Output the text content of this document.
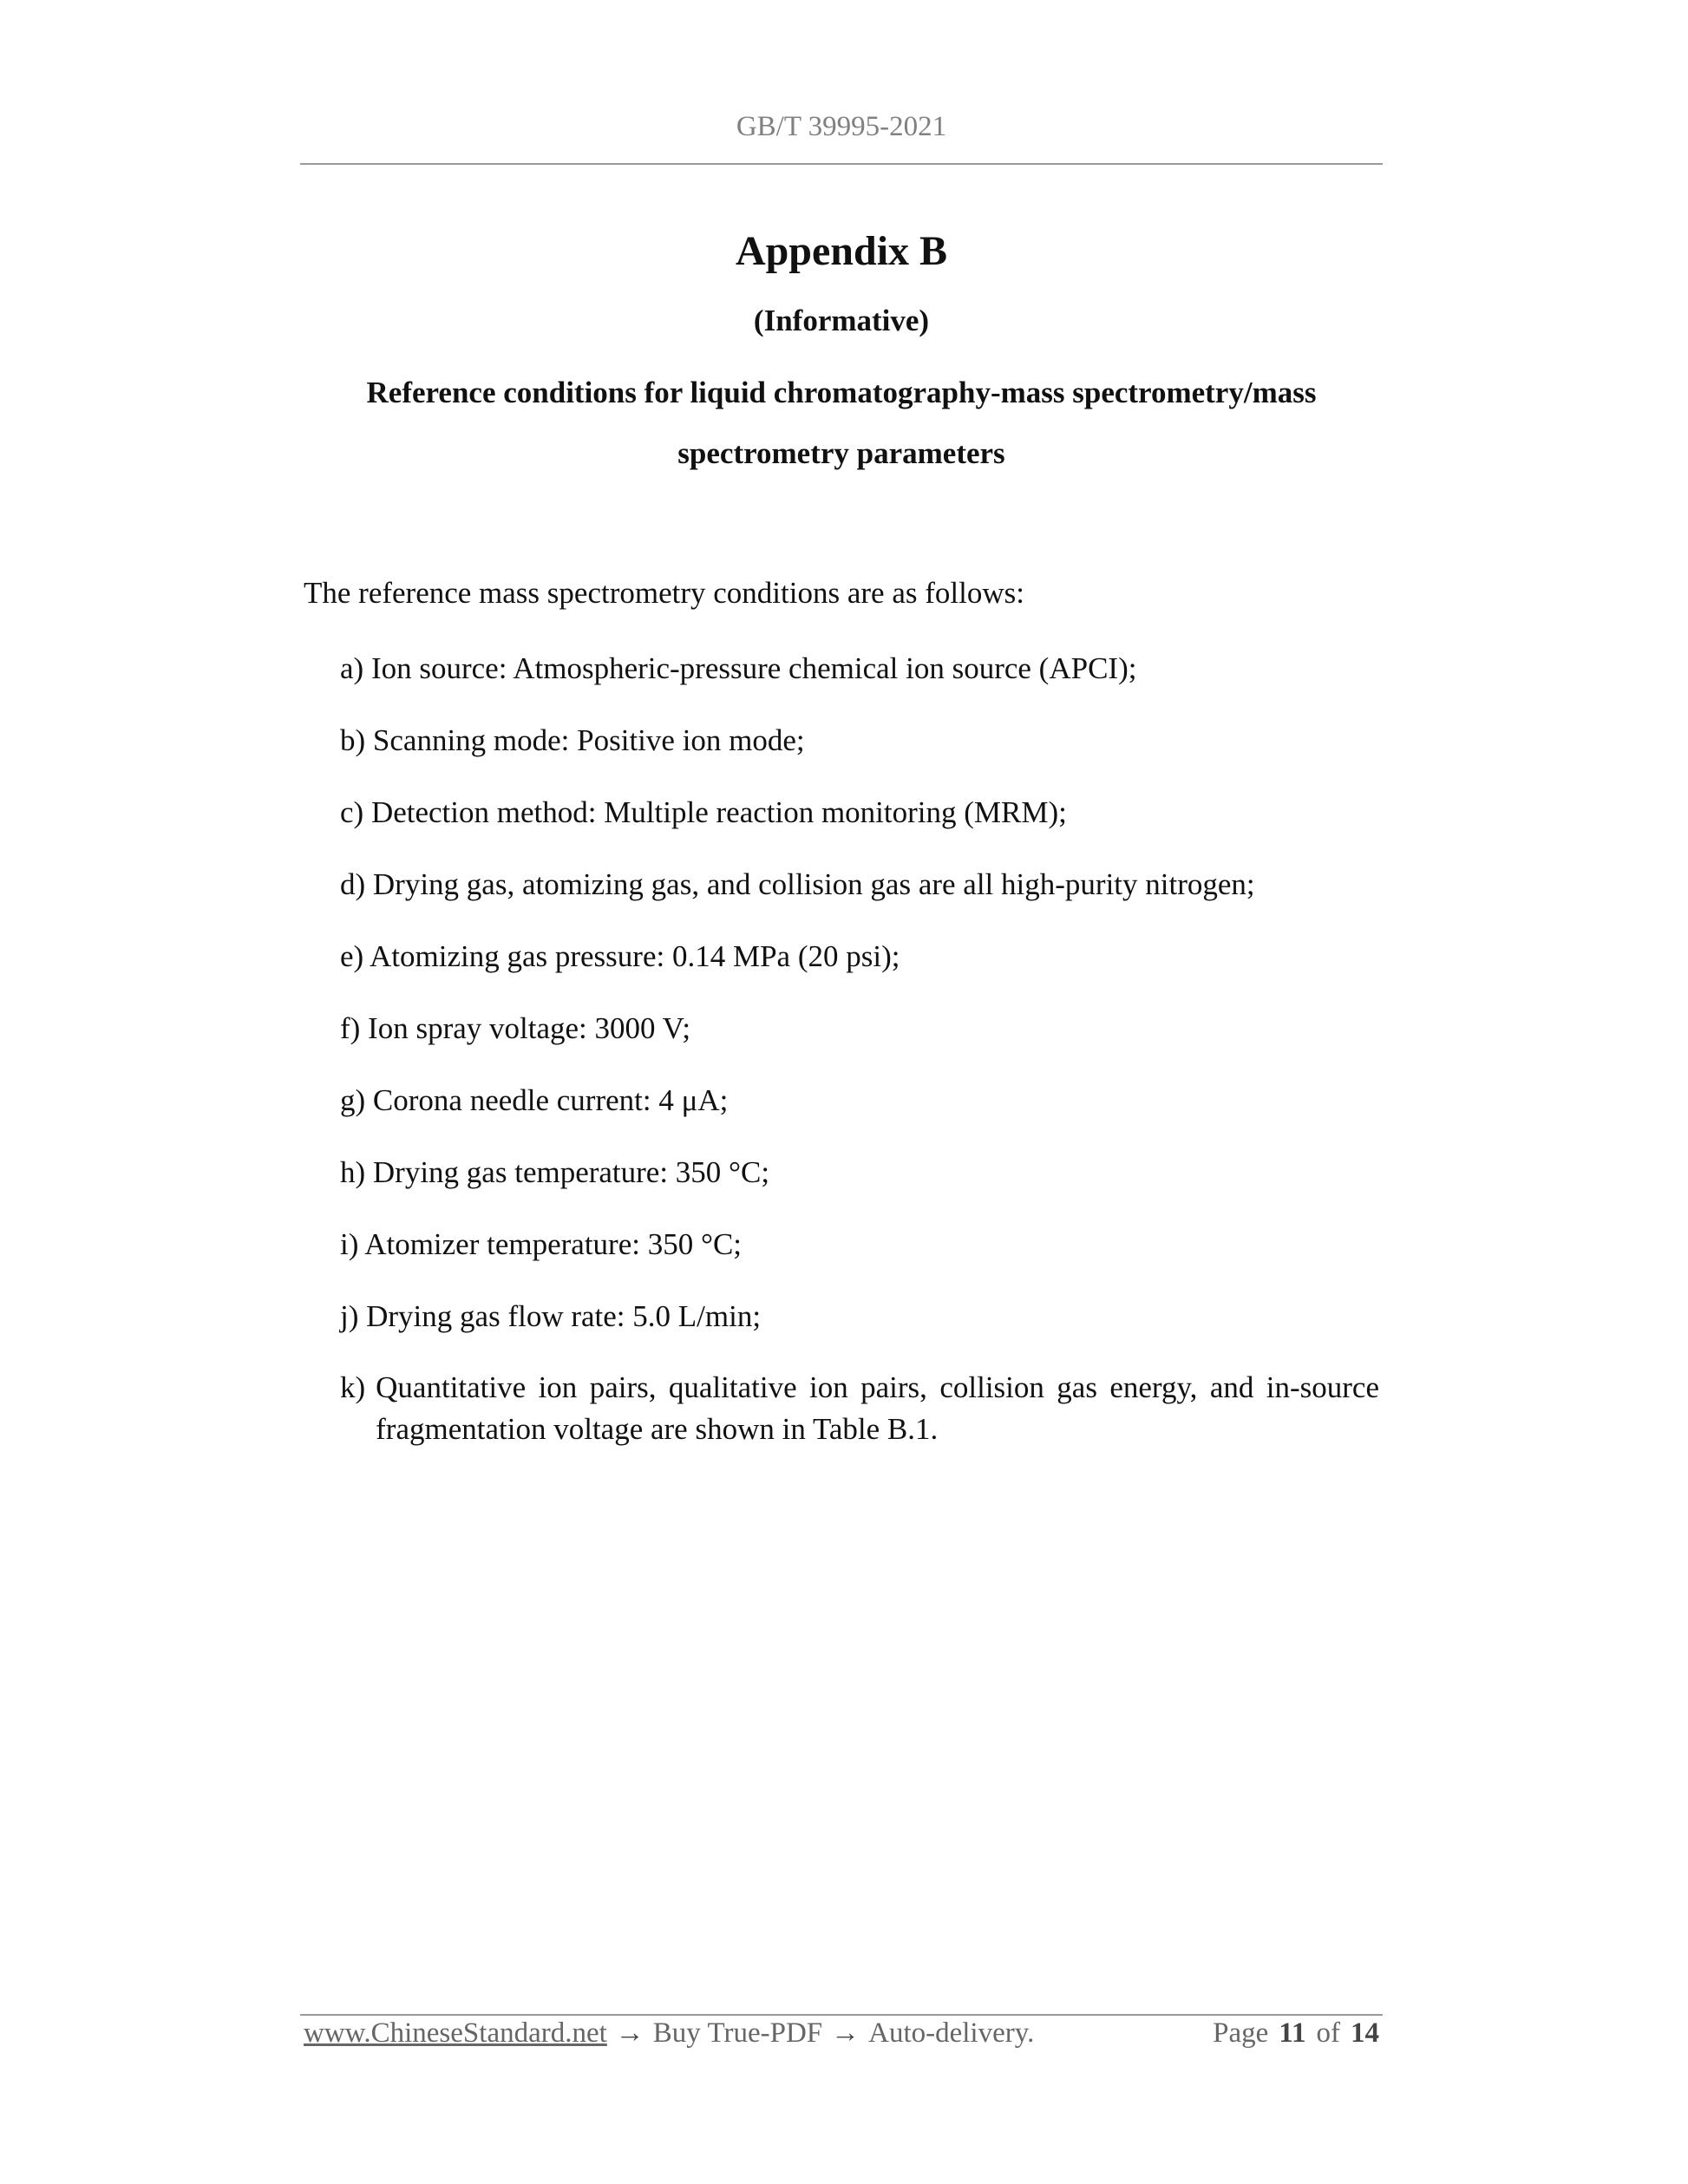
GB/T 39995-2021
Appendix B
(Informative)
Reference conditions for liquid chromatography-mass spectrometry/mass
spectrometry parameters
The reference mass spectrometry conditions are as follows:
a) Ion source: Atmospheric-pressure chemical ion source (APCI);
b) Scanning mode: Positive ion mode;
c) Detection method: Multiple reaction monitoring (MRM);
d) Drying gas, atomizing gas, and collision gas are all high-purity nitrogen;
e) Atomizing gas pressure: 0.14 MPa (20 psi);
f) Ion spray voltage: 3000 V;
g) Corona needle current: 4 μA;
h) Drying gas temperature: 350 °C;
i) Atomizer temperature: 350 °C;
j) Drying gas flow rate: 5.0 L/min;
k) Quantitative ion pairs, qualitative ion pairs, collision gas energy, and in-source fragmentation voltage are shown in Table B.1.
www.ChineseStandard.net → Buy True-PDF → Auto-delivery.	Page 11 of 14
